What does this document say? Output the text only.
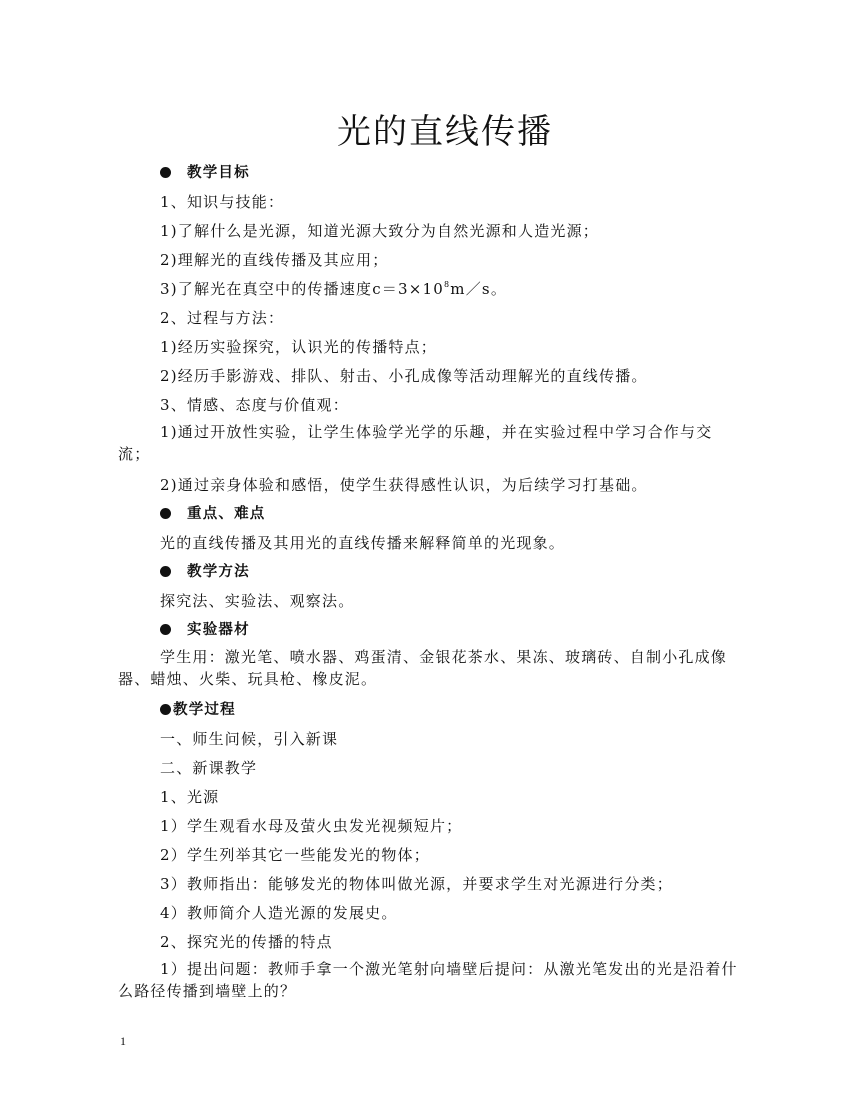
光的直线传播
教学目标
1、知识与技能：
1)了解什么是光源，知道光源大致分为自然光源和人造光源；
2)理解光的直线传播及其应用；
3)了解光在真空中的传播速度$c=3\times 10^8m/s$。
2、过程与方法：
1)经历实验探究，认识光的传播特点；
2)经历手影游戏、排队、射击、小孔成像等活动理解光的直线传播。
3、情感、态度与价值观：
1)通过开放性实验，让学生体验学光学的乐趣，并在实验过程中学习合作与交流；
2)通过亲身体验和感悟，使学生获得感性认识，为后续学习打基础。
重点、难点
光的直线传播及其用光的直线传播来解释简单的光现象。
教学方法
探究法、实验法、观察法。
实验器材
学生用：激光笔、喷水器、鸡蛋清、金银花茶水、果冻、玻璃砖、自制小孔成像器、蜡烛、火柴、玩具枪、橡皮泥。
教学过程
一、师生问候，引入新课
二、新课教学
1、光源
1）学生观看水母及萤火虫发光视频短片；
2）学生列举其它一些能发光的物体；
3）教师指出：能够发光的物体叫做光源，并要求学生对光源进行分类；
4）教师简介人造光源的发展史。
2、探究光的传播的特点
1）提出问题：教师手拿一个激光笔射向墙壁后提问：从激光笔发出的光是沿着什么路径传播到墙壁上的？
1
